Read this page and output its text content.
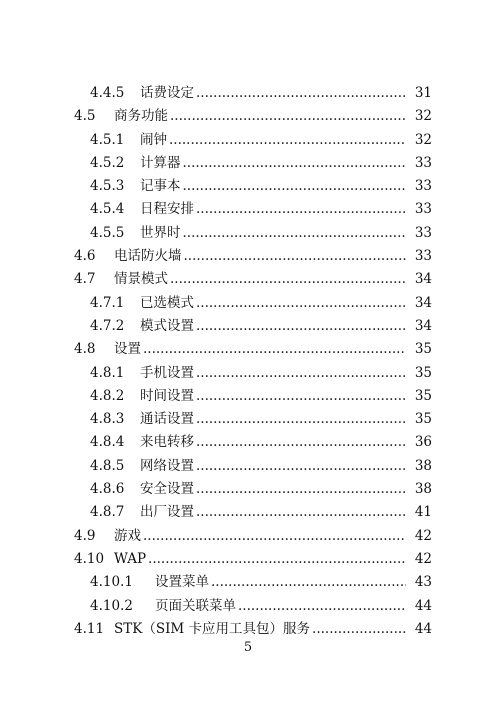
4.4.5	话费设定 .....	31
4.5	商务功能 .....	32
4.5.1	闹钟 .....	32
4.5.2	计算器 .....	33
4.5.3	记事本 .....	33
4.5.4	日程安排 .....	33
4.5.5	世界时 .....	33
4.6	电话防火墙 .....	33
4.7	情景模式 .....	34
4.7.1	已选模式 .....	34
4.7.2	模式设置 .....	34
4.8	设置 .....	35
4.8.1	手机设置 .....	35
4.8.2	时间设置 .....	35
4.8.3	通话设置 .....	35
4.8.4	来电转移 .....	36
4.8.5	网络设置 .....	38
4.8.6	安全设置 .....	38
4.8.7	出厂设置 .....	41
4.9	游戏 .....	42
4.10 WAP .....	42
4.10.1	设置菜单 .....	43
4.10.2	页面关联菜单 .....	44
4.11 STK（SIM 卡应用工具包）服务 .....	44
5
